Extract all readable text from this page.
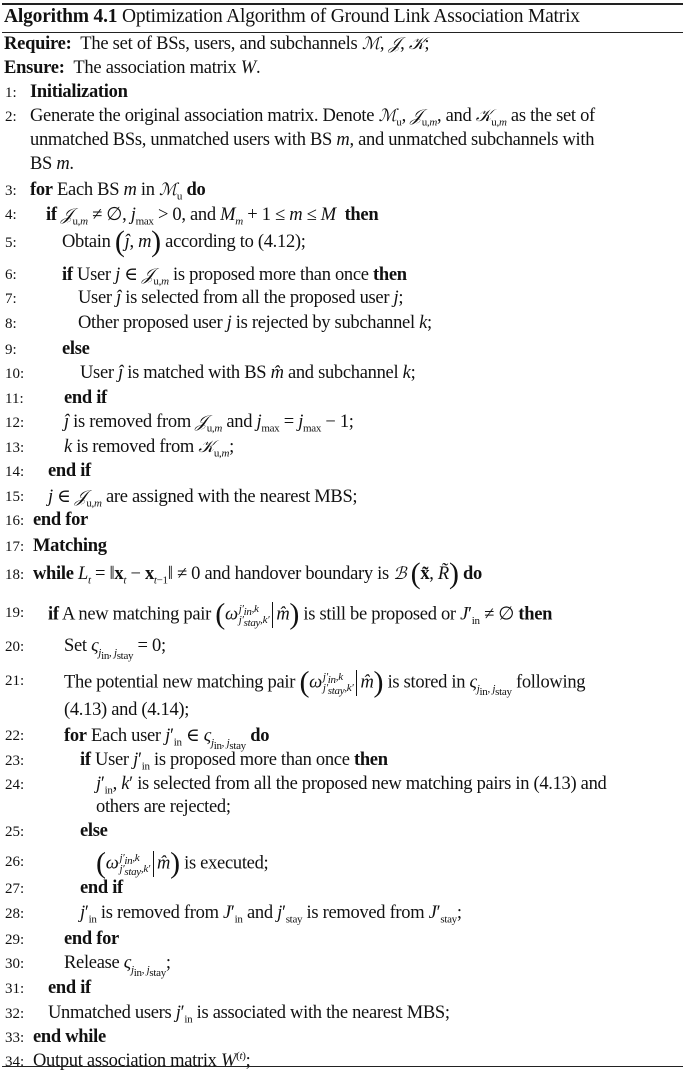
Algorithm 4.1 Optimization Algorithm of Ground Link Association Matrix
Require:  The set of BSs, users, and subchannels ℳ, 𝒥, 𝒦;
Ensure:  The association matrix W.
1: Initialization
2: Generate the original association matrix. Denote ℳ$_u$, 𝒥$_{u,m}$, and 𝒦$_{u,m}$ as the set of
unmatched BSs, unmatched users with BS m, and unmatched subchannels with
BS m.
3: for Each BS m in ℳ$_u$ do
4: if 𝒥$_{u,m}$ ≠ ∅, $j_{max} > 0$, and $M_m + 1 \le m \le M$ then
5: Obtain (ĵ, m) according to (4.12);
6: if User j ∈ 𝒥$_{u,m}$ is proposed more than once then
7:	User ĵ is selected from all the proposed user j;
8:	Other proposed user j is rejected by subchannel k;
9: else
10:	User ĵ is matched with BS m̂ and subchannel k;
11: end if
12: ĵ is removed from 𝒥$_{u,m}$ and $j_{max} = j_{max} - 1$;
13: k is removed from 𝒦$_{u,m}$;
14: end if
15: j ∈ 𝒥$_{u,m}$ are assigned with the nearest MBS;
16: end for
17: Matching
18: while $L_t$ = $‖x_t$ − $x_{t-1}‖ \ne 0$ and handover boundary is ℬ (x̃, R̃) do
19: if A new matching pair ($\omega j'_{in},k$
$j'_{stay},k'$ m̂) is still be proposed or $J'_{in}$ ≠ ∅ then
20: Set $\varsigma_{j_{in}, j_{stay}} = 0$;
21: The potential new matching pair ($\omega j'_{in},k$
$j'_{stay},k'$ m̂) is stored in $\varsigma_{j_{in}, j_{stay}}$ following
(4.13) and (4.14);
22: for Each user $j'_{in}$ ∈ $\varsigma_{j_{in}, j_{stay}}$ do
23:	if User $j'_{in}$ is proposed more than once then
24:	$j'_{in}$, k′ is selected from all the proposed new matching pairs in (4.13) and
others are rejected;
25:	else
26: ($\omega j'_{in},k$
$j'_{stay},k'$ m̂) is executed;
27:	end if
28:	$j'_{in}$ is removed from $J'_{in}$ and $j'_{stay}$ is removed from $J'_{stay}$;
29: end for
30: Release $\varsigma_{j_{in}, j_{stay}}$;
31: end if
32: Unmatched users $j'_{in}$ is associated with the nearest MBS;
33: end while
34: Output association matrix $W^{(t)}$;
